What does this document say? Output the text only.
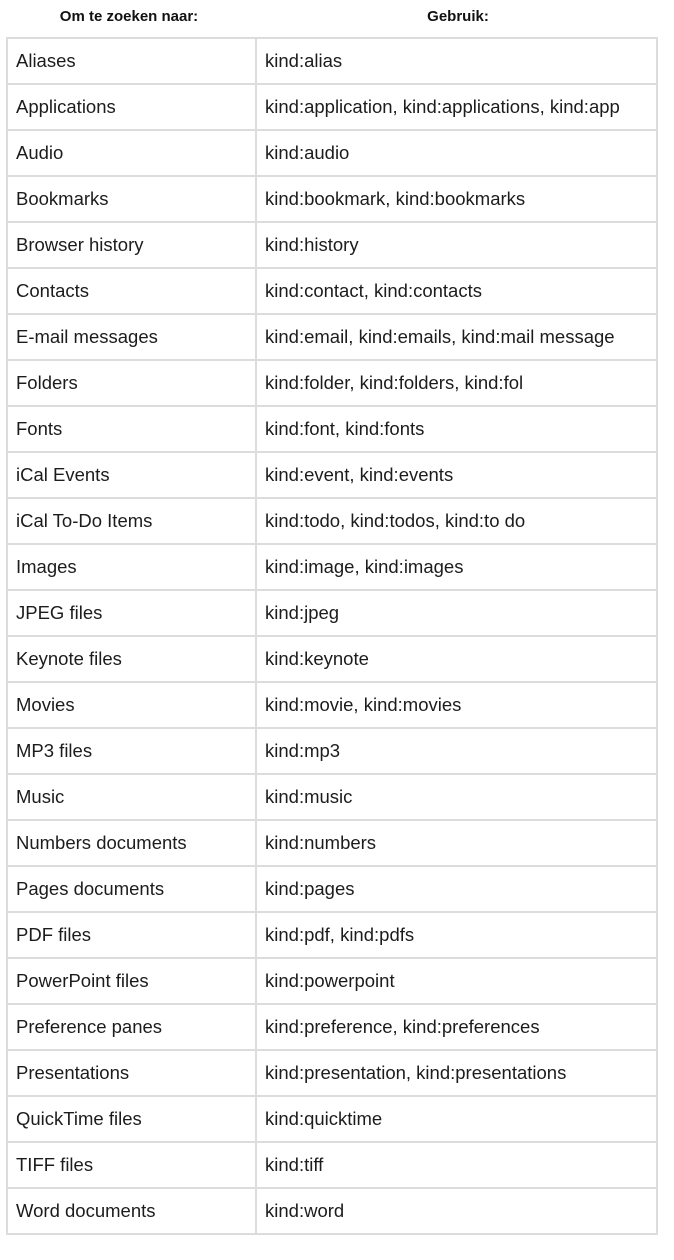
Om te zoeken naar:	Gebruik:
Aliases	kind:alias
Applications	kind:application, kind:applications, kind:app
Audio	kind:audio
Bookmarks	kind:bookmark, kind:bookmarks
Browser history	kind:history
Contacts	kind:contact, kind:contacts
E-mail messages	kind:email, kind:emails, kind:mail message
Folders	kind:folder, kind:folders, kind:fol
Fonts	kind:font, kind:fonts
iCal Events	kind:event, kind:events
iCal To-Do Items	kind:todo, kind:todos, kind:to do
Images	kind:image, kind:images
JPEG files	kind:jpeg
Keynote files	kind:keynote
Movies	kind:movie, kind:movies
MP3 files	kind:mp3
Music	kind:music
Numbers documents	kind:numbers
Pages documents	kind:pages
PDF files	kind:pdf, kind:pdfs
PowerPoint files	kind:powerpoint
Preference panes	kind:preference, kind:preferences
Presentations	kind:presentation, kind:presentations
QuickTime files	kind:quicktime
TIFF files	kind:tiff
Word documents	kind:word
